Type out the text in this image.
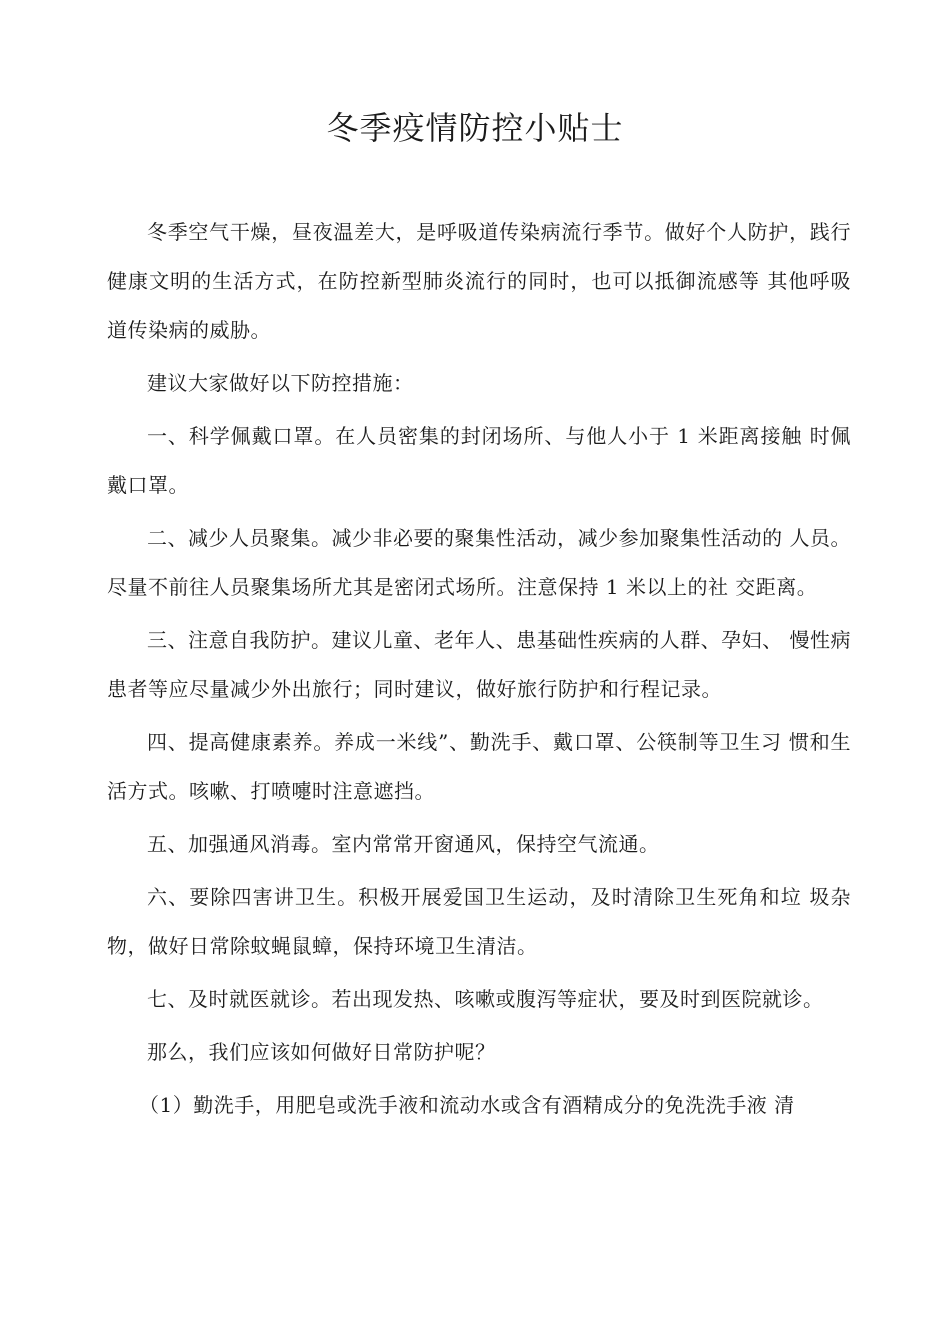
冬季疫情防控小贴士

冬季空气干燥，昼夜温差大，是呼吸道传染病流行季节。做好个人防护，践行健康文明的生活方式，在防控新型肺炎流行的同时，也可以抵御流感等 其他呼吸道传染病的威胁。

建议大家做好以下防控措施：

一、科学佩戴口罩。在人员密集的封闭场所、与他人小于 1 米距离接触 时佩戴口罩。

二、减少人员聚集。减少非必要的聚集性活动，减少参加聚集性活动的 人员。尽量不前往人员聚集场所尤其是密闭式场所。注意保持 1 米以上的社 交距离。

三、注意自我防护。建议儿童、老年人、患基础性疾病的人群、孕妇、 慢性病患者等应尽量减少外出旅行；同时建议，做好旅行防护和行程记录。

四、提高健康素养。养成一米线”、勤洗手、戴口罩、公筷制等卫生习 惯和生活方式。咳嗽、打喷嚏时注意遮挡。

五、加强通风消毒。室内常常开窗通风，保持空气流通。

六、要除四害讲卫生。积极开展爱国卫生运动，及时清除卫生死角和垃 圾杂物，做好日常除蚊蝇鼠蟑，保持环境卫生清洁。

七、及时就医就诊。若出现发热、咳嗽或腹泻等症状，要及时到医院就诊。

那么，我们应该如何做好日常防护呢？

（1）勤洗手，用肥皂或洗手液和流动水或含有酒精成分的免洗洗手液 清
